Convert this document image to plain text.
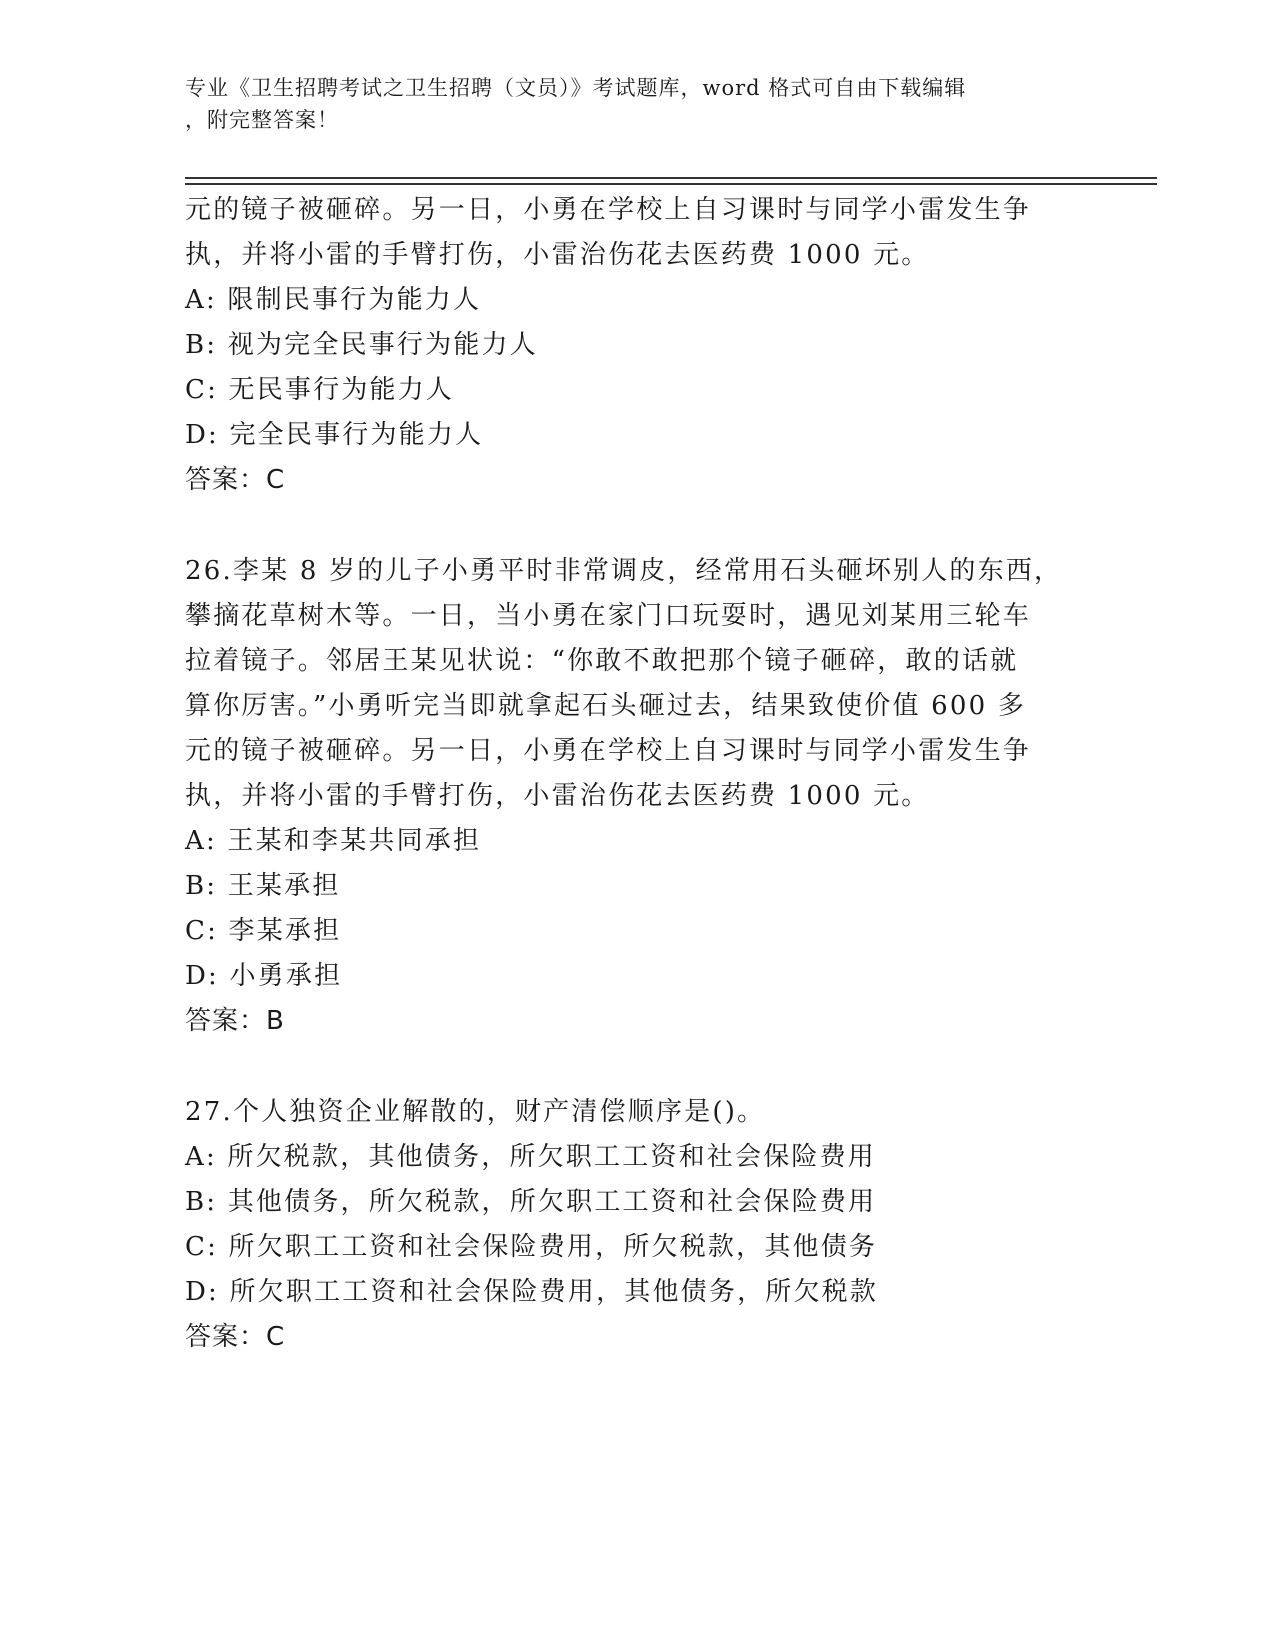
专业《卫生招聘考试之卫生招聘（文员）》考试题库，word 格式可自由下载编辑
，附完整答案！
元的镜子被砸碎。另一日，小勇在学校上自习课时与同学小雷发生争
执，并将小雷的手臂打伤，小雷治伤花去医药费 1000 元。
A: 限制民事行为能力人
B: 视为完全民事行为能力人
C: 无民事行为能力人
D: 完全民事行为能力人
答案：C
26.李某 8 岁的儿子小勇平时非常调皮，经常用石头砸坏别人的东西，
攀摘花草树木等。一日，当小勇在家门口玩耍时，遇见刘某用三轮车
拉着镜子。邻居王某见状说：“你敢不敢把那个镜子砸碎，敢的话就
算你厉害。”小勇听完当即就拿起石头砸过去，结果致使价值 600 多
元的镜子被砸碎。另一日，小勇在学校上自习课时与同学小雷发生争
执，并将小雷的手臂打伤，小雷治伤花去医药费 1000 元。
A: 王某和李某共同承担
B: 王某承担
C: 李某承担
D: 小勇承担
答案：B
27.个人独资企业解散的，财产清偿顺序是()。
A: 所欠税款，其他债务，所欠职工工资和社会保险费用
B: 其他债务，所欠税款，所欠职工工资和社会保险费用
C: 所欠职工工资和社会保险费用，所欠税款，其他债务
D: 所欠职工工资和社会保险费用，其他债务，所欠税款
答案：C
